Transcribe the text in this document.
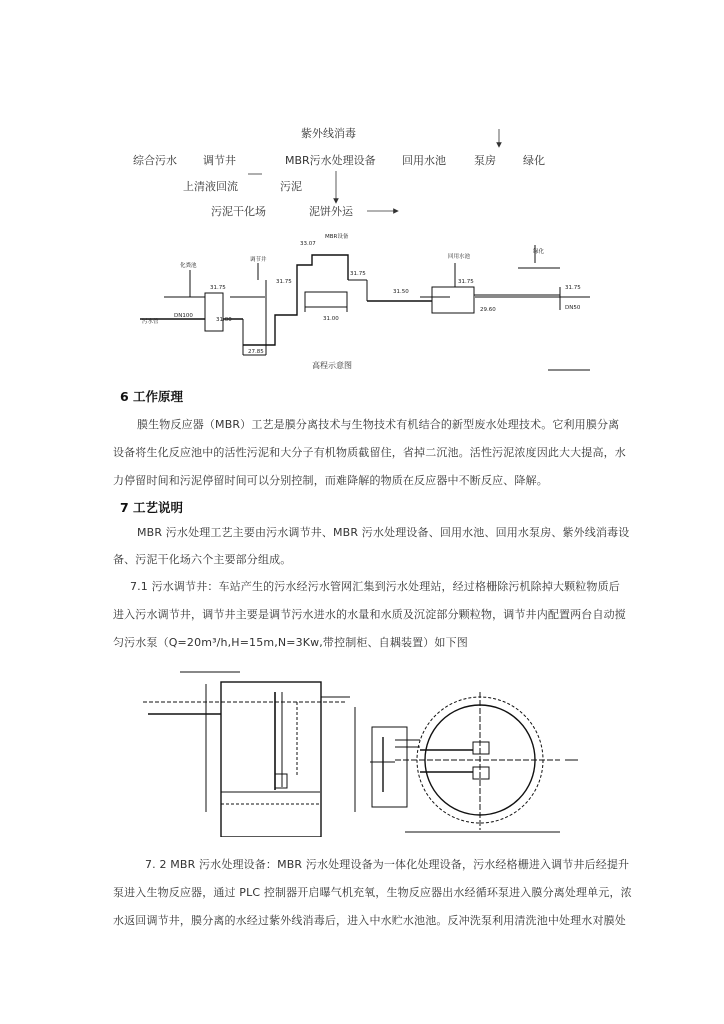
紫外线消毒
综合污水 调节井	MBR污水处理设备 回用水池	泵房 绿化
上清液回流	污泥
污泥干化场	泥饼外运
化粪池
调节井
MBR设备
回用水池
绿化
污水管
DN100
DN50
31.75
31.00
33.07
31.75
31.50
31.75
27.85
31.00
31.75
31.75
29.60
高程示意图
6 工作原理
膜生物反应器（MBR）工艺是膜分离技术与生物技术有机结合的新型废水处理技术。它利用膜分离
设备将生化反应池中的活性污泥和大分子有机物质截留住，省掉二沉池。活性污泥浓度因此大大提高，水
力停留时间和污泥停留时间可以分别控制，而难降解的物质在反应器中不断反应、降解。
7 工艺说明
MBR 污水处理工艺主要由污水调节井、MBR 污水处理设备、回用水池、回用水泵房、紫外线消毒设
备、污泥干化场六个主要部分组成。
7.1 污水调节井：车站产生的污水经污水管网汇集到污水处理站，经过格栅除污机除掉大颗粒物质后
进入污水调节井，调节井主要是调节污水进水的水量和水质及沉淀部分颗粒物，调节井内配置两台自动搅
匀污水泵（Q=20m³/h,H=15m,N=3Kw,带控制柜、自耦装置）如下图
7. 2 MBR 污水处理设备：MBR 污水处理设备为一体化处理设备，污水经格栅进入调节井后经提升
泵进入生物反应器，通过 PLC 控制器开启曝气机充氧，生物反应器出水经循环泵进入膜分离处理单元，浓
水返回调节井，膜分离的水经过紫外线消毒后，进入中水贮水池池。反冲洗泵利用清洗池中处理水对膜处
